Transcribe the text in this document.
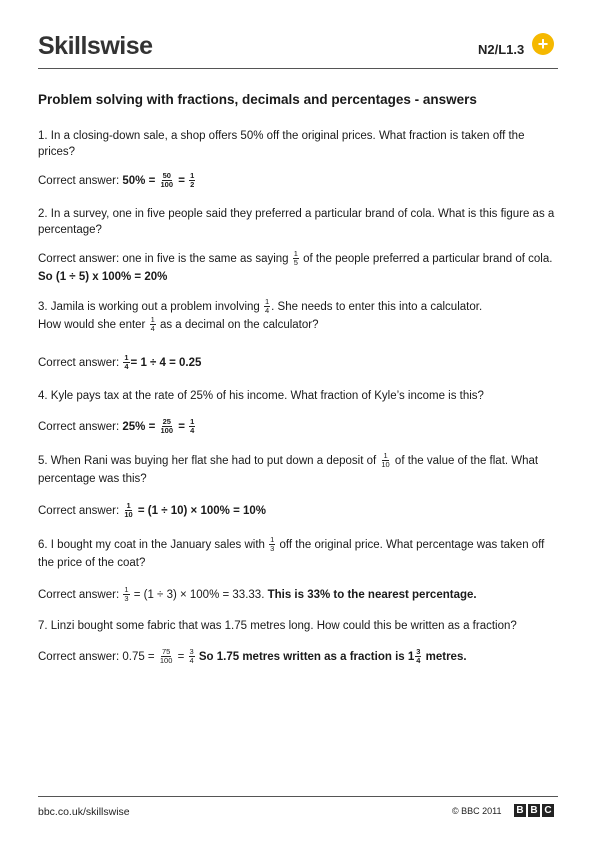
Skillswise	N2/L1.3 +
Problem solving with fractions, decimals and percentages - answers
1. In a closing-down sale, a shop offers 50% off the original prices. What fraction is taken off the prices?
Correct answer: $50\% = \frac{50}{100} = \frac{1}{2}$
2. In a survey, one in five people said they preferred a particular brand of cola. What is this figure as a percentage?
Correct answer: one in five is the same as saying $\frac{1}{5}$ of the people preferred a particular brand of cola. So (1 ÷ 5) x 100% = 20%
3. Jamila is working out a problem involving $\frac{1}{4}$ . She needs to enter this into a calculator.
How would she enter $\frac{1}{4}$ as a decimal on the calculator?
Correct answer: $\frac{1}{4} = 1 \div 4 = 0.25$
4. Kyle pays tax at the rate of 25% of his income. What fraction of Kyle’s income is this?
Correct answer: $25\% = \frac{25}{100} = \frac{1}{4}$
5. When Rani was buying her flat she had to put down a deposit of $\frac{1}{10}$ of the value of the flat. What percentage was this?
Correct answer: $\frac{1}{10} = (1 \div 10) \times 100\% = 10\%$
6. I bought my coat in the January sales with $\frac{1}{3}$ off the original price. What percentage was taken off the price of the coat?
Correct answer: $\frac{1}{3} = (1 \div 3) \times 100\% = 33.33$. This is 33% to the nearest percentage.
7. Linzi bought some fabric that was 1.75 metres long. How could this be written as a fraction?
Correct answer: $0.75 = \frac{75}{100} = \frac{3}{4}$ So 1.75 metres written as a fraction is $1 \frac{3}{4}$ metres.
bbc.co.uk/skillswise	© BBC 2011 B B C
